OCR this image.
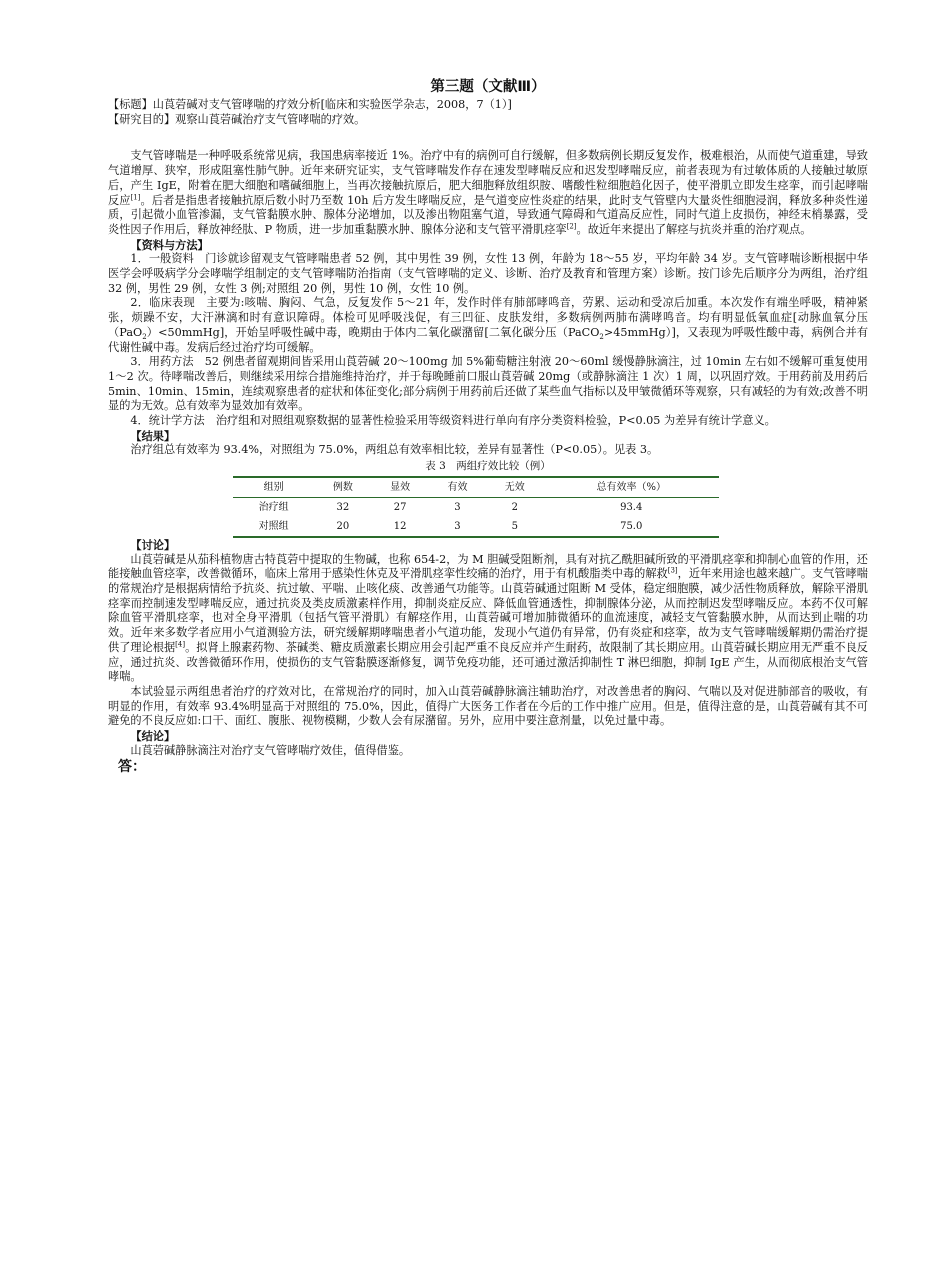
第三题（文献Ⅲ）

【标题】山莨菪碱对支气管哮喘的疗效分析[临床和实验医学杂志，2008，7（1）]

【研究目的】观察山莨菪碱治疗支气管哮喘的疗效。

支气管哮喘是一种呼吸系统常见病，我国患病率接近 1%。治疗中有的病例可自行缓解，但多数病例长期反复发作，极难根治，从而使气道重建，导致气道增厚、狭窄，形成阻塞性肺气肿。近年来研究证实，支气管哮喘发作存在速发型哮喘反应和迟发型哮喘反应，前者表现为有过敏体质的人接触过敏原后，产生 IgE，附着在肥大细胞和嗜碱细胞上，当再次接触抗原后，肥大细胞释放组织胺、嗜酸性粒细胞趋化因子，使平滑肌立即发生痉挛，而引起哮喘反应[1]。后者是指患者接触抗原后数小时乃至数 10h 后方发生哮喘反应，是气道变应性炎症的结果，此时支气管壁内大量炎性细胞浸润，释放多种炎性递质，引起微小血管渗漏，支气管黏膜水肿、腺体分泌增加，以及渗出物阻塞气道，导致通气障碍和气道高反应性，同时气道上皮损伤，神经末梢暴露，受炎性因子作用后，释放神经肽、P 物质，进一步加重黏膜水肿、腺体分泌和支气管平滑肌痉挛[2]。故近年来提出了解痉与抗炎并重的治疗观点。

【资料与方法】

1．一般资料　门诊就诊留观支气管哮喘患者 52 例，其中男性 39 例，女性 13 例，年龄为 18～55 岁，平均年龄 34 岁。支气管哮喘诊断根据中华医学会呼吸病学分会哮喘学组制定的支气管哮喘防治指南（支气管哮喘的定义、诊断、治疗及教育和管理方案）诊断。按门诊先后顺序分为两组，治疗组 32 例，男性 29 例，女性 3 例;对照组 20 例，男性 10 例，女性 10 例。

2．临床表现　主要为:咳喘、胸闷、气急，反复发作 5～21 年，发作时伴有肺部哮鸣音，劳累、运动和受凉后加重。本次发作有端坐呼吸，精神紧张，烦躁不安，大汗淋漓和时有意识障碍。体检可见呼吸浅促，有三凹征、皮肤发绀，多数病例两肺布满哮鸣音。均有明显低氧血症[动脉血氧分压（PaO$_2$）<50mmHg]，开始呈呼吸性碱中毒，晚期由于体内二氧化碳潴留[二氧化碳分压（PaCO$_2$>45mmHg）]，又表现为呼吸性酸中毒，病例合并有代谢性碱中毒。发病后经过治疗均可缓解。

3．用药方法　52 例患者留观期间皆采用山莨菪碱 20～100mg 加 5%葡萄糖注射液 20～60ml 缓慢静脉滴注，过 10min 左右如不缓解可重复使用 1～2 次。待哮喘改善后，则继续采用综合措施维持治疗，并于每晚睡前口服山莨菪碱 20mg（或静脉滴注 1 次）1 周，以巩固疗效。于用药前及用药后 5min、10min、15min，连续观察患者的症状和体征变化;部分病例于用药前后还做了某些血气指标以及甲皱微循环等观察，只有减轻的为有效;改善不明显的为无效。总有效率为显效加有效率。

4．统计学方法　治疗组和对照组观察数据的显著性检验采用等级资料进行单向有序分类资料检验，P<0.05 为差异有统计学意义。

【结果】

治疗组总有效率为 93.4%，对照组为 75.0%，两组总有效率相比较，差异有显著性（P<0.05）。见表 3。

表 3　两组疗效比较（例）
组别	例数	显效	有效	无效	总有效率（%）
治疗组	32	27	3	2	93.4
对照组	20	12	3	5	75.0

【讨论】

山莨菪碱是从茄科植物唐古特莨菪中提取的生物碱，也称 654-2，为 M 胆碱受阻断剂，具有对抗乙酰胆碱所致的平滑肌痉挛和抑制心血管的作用，还能接触血管痉挛，改善微循环，临床上常用于感染性休克及平滑肌痉挛性绞痛的治疗，用于有机酸脂类中毒的解救[3]，近年来用途也越来越广。支气管哮喘的常规治疗是根据病情给予抗炎、抗过敏、平喘、止咳化痰、改善通气功能等。山莨菪碱通过阻断 M 受体，稳定细胞膜，减少活性物质释放，解除平滑肌痉挛而控制速发型哮喘反应，通过抗炎及类皮质激素样作用，抑制炎症反应、降低血管通透性，抑制腺体分泌，从而控制迟发型哮喘反应。本药不仅可解除血管平滑肌痉挛，也对全身平滑肌（包括气管平滑肌）有解痉作用，山莨菪碱可增加肺微循环的血流速度，减轻支气管黏膜水肿，从而达到止喘的功效。近年来多数学者应用小气道测验方法，研究缓解期哮喘患者小气道功能，发现小气道仍有异常，仍有炎症和痉挛，故为支气管哮喘缓解期仍需治疗提供了理论根据[4]。拟肾上腺素药物、茶碱类、糖皮质激素长期应用会引起严重不良反应并产生耐药，故限制了其长期应用。山莨菪碱长期应用无严重不良反应，通过抗炎、改善微循环作用，使损伤的支气管黏膜逐渐修复，调节免疫功能，还可通过激活抑制性 T 淋巴细胞，抑制 IgE 产生，从而彻底根治支气管哮喘。

本试验显示两组患者治疗的疗效对比，在常规治疗的同时，加入山莨菪碱静脉滴注辅助治疗，对改善患者的胸闷、气喘以及对促进肺部音的吸收，有明显的作用，有效率 93.4%明显高于对照组的 75.0%，因此，值得广大医务工作者在今后的工作中推广应用。但是，值得注意的是，山莨菪碱有其不可避免的不良反应如:口干、面红、腹胀、视物模糊，少数人会有尿潴留。另外，应用中要注意剂量，以免过量中毒。

【结论】

山莨菪碱静脉滴注对治疗支气管哮喘疗效佳，值得借鉴。

答：
